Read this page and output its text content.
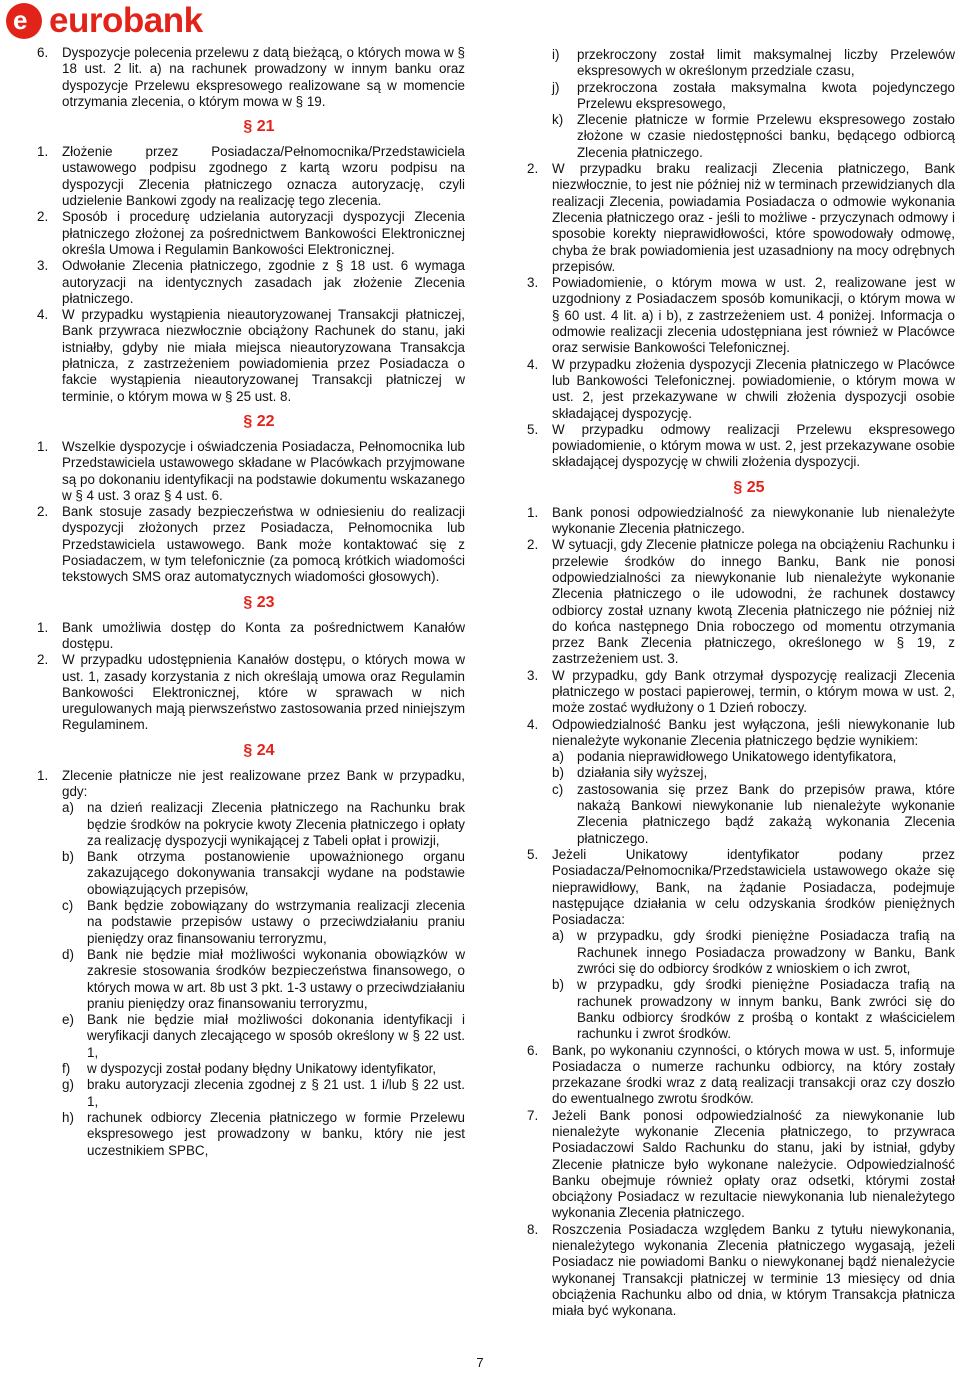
e eurobank
6.	Dyspozycje polecenia przelewu z datą bieżącą, o których mowa w § 18 ust. 2 lit. a) na rachunek prowadzony w innym banku oraz dyspozycje Przelewu ekspresowego realizowane są w momencie otrzymania zlecenia, o którym mowa w § 19.
§ 21
1.	Złożenie przez Posiadacza/Pełnomocnika/Przedstawiciela ustawowego podpisu zgodnego z kartą wzoru podpisu na dyspozycji Zlecenia płatniczego oznacza autoryzację, czyli udzielenie Bankowi zgody na realizację tego zlecenia.
2.	Sposób i procedurę udzielania autoryzacji dyspozycji Zlecenia płatniczego złożonej za pośrednictwem Bankowości Elektronicznej określa Umowa i Regulamin Bankowości Elektronicznej.
3.	Odwołanie Zlecenia płatniczego, zgodnie z § 18 ust. 6 wymaga autoryzacji na identycznych zasadach jak złożenie Zlecenia płatniczego.
4.	W przypadku wystąpienia nieautoryzowanej Transakcji płatniczej, Bank przywraca niezwłocznie obciążony Rachunek do stanu, jaki istniałby, gdyby nie miała miejsca nieautoryzowana Transakcja płatnicza, z zastrzeżeniem powiadomienia przez Posiadacza o fakcie wystąpienia nieautoryzowanej Transakcji płatniczej w terminie, o którym mowa w § 25 ust. 8.
§ 22
1.	Wszelkie dyspozycje i oświadczenia Posiadacza, Pełnomocnika lub Przedstawiciela ustawowego składane w Placówkach przyjmowane są po dokonaniu identyfikacji na podstawie dokumentu wskazanego w § 4 ust. 3 oraz § 4 ust. 6.
2.	Bank stosuje zasady bezpieczeństwa w odniesieniu do realizacji dyspozycji złożonych przez Posiadacza, Pełnomocnika lub Przedstawiciela ustawowego. Bank może kontaktować się z Posiadaczem, w tym telefonicznie (za pomocą krótkich wiadomości tekstowych SMS oraz automatycznych wiadomości głosowych).
§ 23
1.	Bank umożliwia dostęp do Konta za pośrednictwem Kanałów dostępu.
2.	W przypadku udostępnienia Kanałów dostępu, o których mowa w ust. 1, zasady korzystania z nich określają umowa oraz Regulamin Bankowości Elektronicznej, które w sprawach w nich uregulowanych mają pierwszeństwo zastosowania przed niniejszym Regulaminem.
§ 24
1.	Zlecenie płatnicze nie jest realizowane przez Bank w przypadku, gdy:
a) na dzień realizacji Zlecenia płatniczego na Rachunku brak będzie środków na pokrycie kwoty Zlecenia płatniczego i opłaty za realizację dyspozycji wynikającej z Tabeli opłat i prowizji,
b) Bank otrzyma postanowienie upoważnionego organu zakazującego dokonywania transakcji wydane na podstawie obowiązujących przepisów,
c)	Bank będzie zobowiązany do wstrzymania realizacji zlecenia na podstawie przepisów ustawy o przeciwdziałaniu praniu pieniędzy oraz finansowaniu terroryzmu,
d) Bank nie będzie miał możliwości wykonania obowiązków w zakresie stosowania środków bezpieczeństwa finansowego, o których mowa w art. 8b ust 3 pkt. 1-3 ustawy o przeciwdziałaniu praniu pieniędzy oraz finansowaniu terroryzmu,
e) Bank nie będzie miał możliwości dokonania identyfikacji i weryfikacji danych zlecającego w sposób określony w § 22 ust. 1,
f)	w dyspozycji został podany błędny Unikatowy identyfikator,
g) braku autoryzacji zlecenia zgodnej z § 21 ust. 1 i/lub § 22 ust. 1,
h) rachunek odbiorcy Zlecenia płatniczego w formie Przelewu ekspresowego jest prowadzony w banku, który nie jest uczestnikiem SPBC,
i)	przekroczony został limit maksymalnej liczby Przelewów ekspresowych w określonym przedziale czasu,
j)	przekroczona została maksymalna kwota pojedynczego Przelewu ekspresowego,
k)	Zlecenie płatnicze w formie Przelewu ekspresowego zostało złożone w czasie niedostępności banku, będącego odbiorcą Zlecenia płatniczego.
2.	W przypadku braku realizacji Zlecenia płatniczego, Bank niezwłocznie, to jest nie później niż w terminach przewidzianych dla realizacji Zlecenia, powiadamia Posiadacza o odmowie wykonania Zlecenia płatniczego oraz - jeśli to możliwe - przyczynach odmowy i sposobie korekty nieprawidłowości, które spowodowały odmowę, chyba że brak powiadomienia jest uzasadniony na mocy odrębnych przepisów.
3.	Powiadomienie, o którym mowa w ust. 2, realizowane jest w uzgodniony z Posiadaczem sposób komunikacji, o którym mowa w § 60 ust. 4 lit. a) i b), z zastrzeżeniem ust. 4 poniżej. Informacja o odmowie realizacji zlecenia udostępniana jest również w Placówce oraz serwisie Bankowości Telefonicznej.
4.	W przypadku złożenia dyspozycji Zlecenia płatniczego w Placówce lub Bankowości Telefonicznej. powiadomienie, o którym mowa w ust. 2, jest przekazywane w chwili złożenia dyspozycji osobie składającej dyspozycję.
5.	W przypadku odmowy realizacji Przelewu ekspresowego powiadomienie, o którym mowa w ust. 2, jest przekazywane osobie składającej dyspozycję w chwili złożenia dyspozycji.
§ 25
1.	Bank ponosi odpowiedzialność za niewykonanie lub nienależyte wykonanie Zlecenia płatniczego.
2.	W sytuacji, gdy Zlecenie płatnicze polega na obciążeniu Rachunku i przelewie środków do innego Banku, Bank nie ponosi odpowiedzialności za niewykonanie lub nienależyte wykonanie Zlecenia płatniczego o ile udowodni, że rachunek dostawcy odbiorcy został uznany kwotą Zlecenia płatniczego nie później niż do końca następnego Dnia roboczego od momentu otrzymania przez Bank Zlecenia płatniczego, określonego w § 19, z zastrzeżeniem ust. 3.
3.	W przypadku, gdy Bank otrzymał dyspozycję realizacji Zlecenia płatniczego w postaci papierowej, termin, o którym mowa w ust. 2, może zostać wydłużony o 1 Dzień roboczy.
4.	Odpowiedzialność Banku jest wyłączona, jeśli niewykonanie lub nienależyte wykonanie Zlecenia płatniczego będzie wynikiem:
a) podania nieprawidłowego Unikatowego identyfikatora,
b) działania siły wyższej,
c)	zastosowania się przez Bank do przepisów prawa, które nakażą Bankowi niewykonanie lub nienależyte wykonanie Zlecenia płatniczego bądź zakażą wykonania Zlecenia płatniczego.
5.	Jeżeli Unikatowy identyfikator podany przez Posiadacza/Pełnomocnika/Przedstawiciela ustawowego okaże się nieprawidłowy, Bank, na żądanie Posiadacza, podejmuje następujące działania w celu odzyskania środków pieniężnych Posiadacza:
a) w przypadku, gdy środki pieniężne Posiadacza trafią na Rachunek innego Posiadacza prowadzony w Banku, Bank zwróci się do odbiorcy środków z wnioskiem o ich zwrot,
b) w przypadku, gdy środki pieniężne Posiadacza trafią na rachunek prowadzony w innym banku, Bank zwróci się do Banku odbiorcy środków z prośbą o kontakt z właścicielem rachunku i zwrot środków.
6.	Bank, po wykonaniu czynności, o których mowa w ust. 5, informuje Posiadacza o numerze rachunku odbiorcy, na który zostały przekazane środki wraz z datą realizacji transakcji oraz czy doszło do ewentualnego zwrotu środków.
7.	Jeżeli Bank ponosi odpowiedzialność za niewykonanie lub nienależyte wykonanie Zlecenia płatniczego, to przywraca Posiadaczowi Saldo Rachunku do stanu, jaki by istniał, gdyby Zlecenie płatnicze było wykonane należycie. Odpowiedzialność Banku obejmuje również opłaty oraz odsetki, którymi został obciążony Posiadacz w rezultacie niewykonania lub nienależytego wykonania Zlecenia płatniczego.
8.	Roszczenia Posiadacza względem Banku z tytułu niewykonania, nienależytego wykonania Zlecenia płatniczego wygasają, jeżeli Posiadacz nie powiadomi Banku o niewykonanej bądź nienależycie wykonanej Transakcji płatniczej w terminie 13 miesięcy od dnia obciążenia Rachunku albo od dnia, w którym Transakcja płatnicza miała być wykonana.
7
